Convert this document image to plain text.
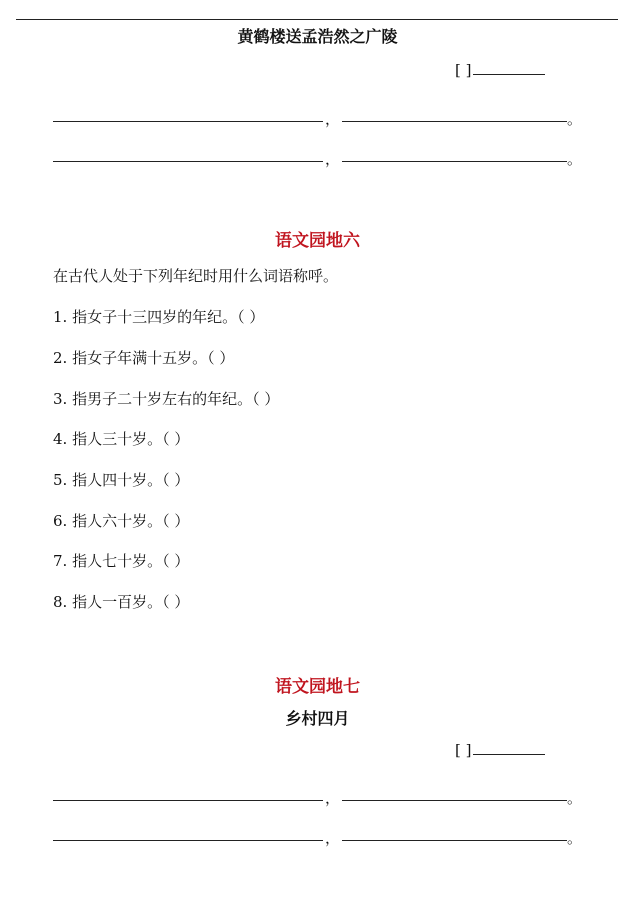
黄鹤楼送孟浩然之广陵
[ ]
，	。
，	。
语文园地六
在古代人处于下列年纪时用什么词语称呼。
1. 指女子十三四岁的年纪。（ ）
2. 指女子年满十五岁。（ ）
3. 指男子二十岁左右的年纪。（ ）
4. 指人三十岁。（ ）
5. 指人四十岁。（ ）
6. 指人六十岁。（ ）
7. 指人七十岁。（ ）
8. 指人一百岁。（ ）
语文园地七
乡村四月
[ ]
，	。
，	。
